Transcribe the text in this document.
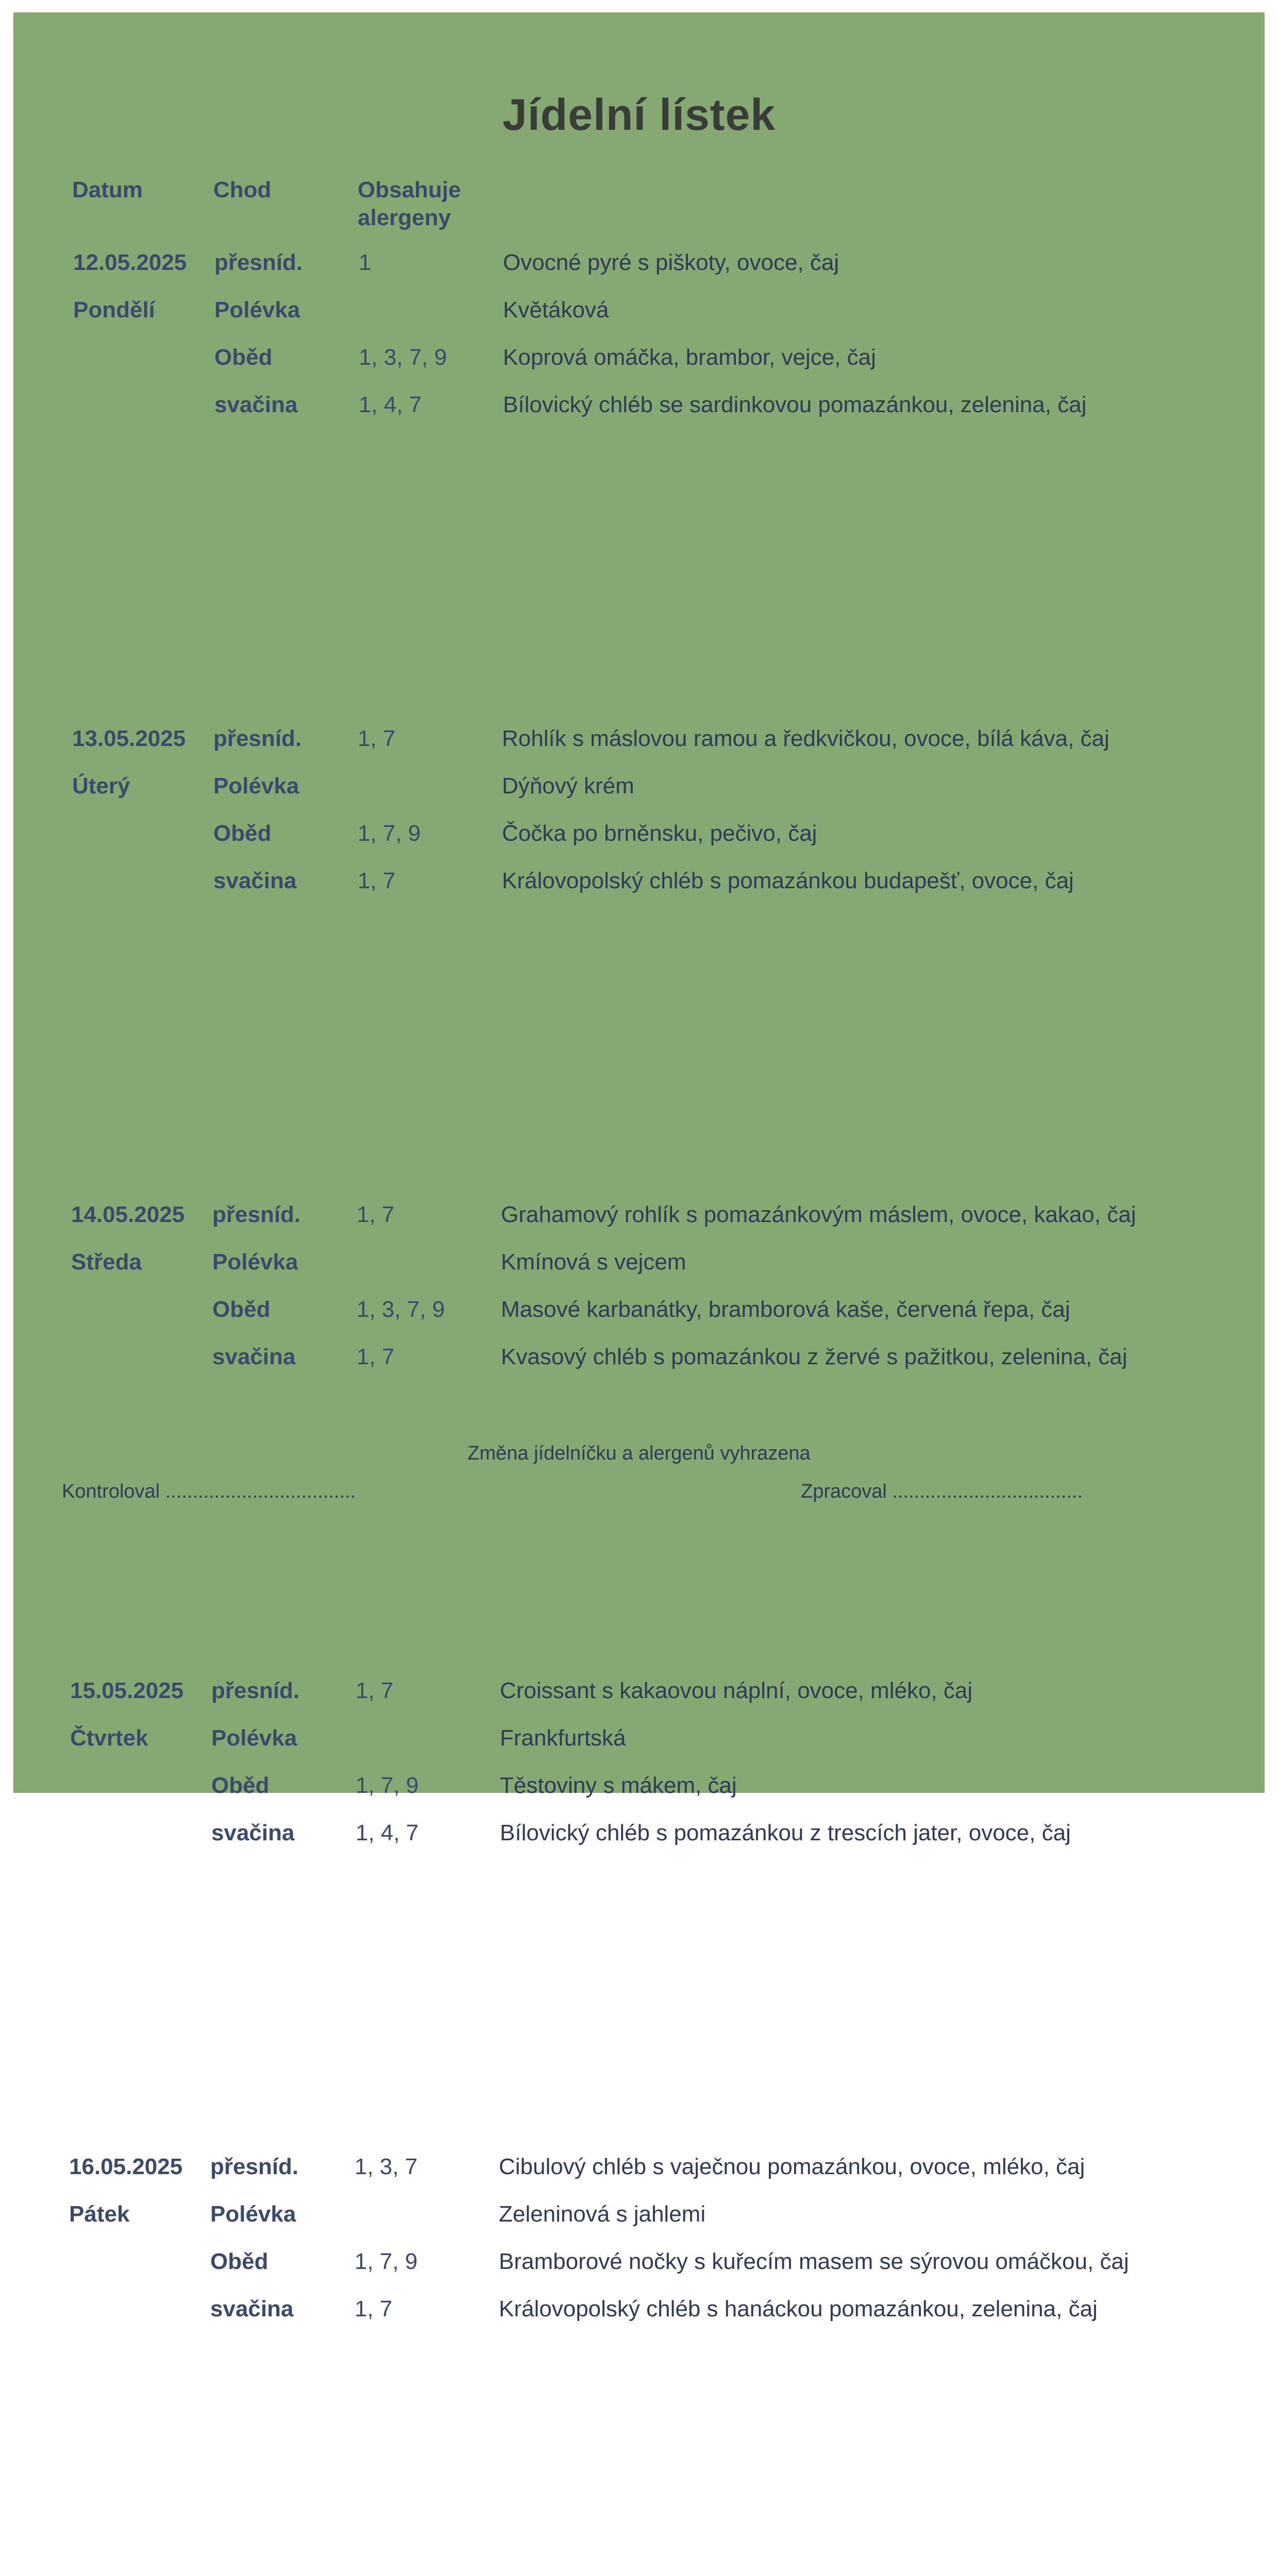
Jídelní lístek
Datum	Chod	Obsahuje
alergeny
12.05.2025 přesníd. 1	Ovocné pyré s piškoty, ovoce, čaj
Pondělí	Polévka	Květáková
Oběd	1, 3, 7, 9 Koprová omáčka, brambor, vejce, čaj
svačina	1, 4, 7	Bílovický chléb se sardinkovou pomazánkou, zelenina, čaj
13.05.2025 přesníd. 1, 7	Rohlík s máslovou ramou a ředkvičkou, ovoce, bílá káva, čaj
Úterý	Polévka	Dýňový krém
Oběd	1, 7, 9	Čočka po brněnsku, pečivo, čaj
svačina	1, 7	Královopolský chléb s pomazánkou budapešť, ovoce, čaj
14.05.2025 přesníd. 1, 7	Grahamový rohlík s pomazánkovým máslem, ovoce, kakao, čaj
Středa	Polévka	Kmínová s vejcem
Oběd	1, 3, 7, 9 Masové karbanátky, bramborová kaše, červená řepa, čaj
svačina	1, 7	Kvasový chléb s pomazánkou z žervé s pažitkou, zelenina, čaj
15.05.2025 přesníd. 1, 7	Croissant s kakaovou náplní, ovoce, mléko, čaj
Čtvrtek	Polévka	Frankfurtská
Oběd	1, 7, 9	Těstoviny s mákem, čaj
svačina	1, 4, 7	Bílovický chléb s pomazánkou z trescích jater, ovoce, čaj
16.05.2025 přesníd. 1, 3, 7	Cibulový chléb s vaječnou pomazánkou, ovoce, mléko, čaj
Pátek	Polévka	Zeleninová s jahlemi
Oběd	1, 7, 9	Bramborové nočky s kuřecím masem se sýrovou omáčkou, čaj
svačina	1, 7	Královopolský chléb s hanáckou pomazánkou, zelenina, čaj
Změna jídelníčku a alergenů vyhrazena
Kontroloval ...................................	Zpracoval ...................................
